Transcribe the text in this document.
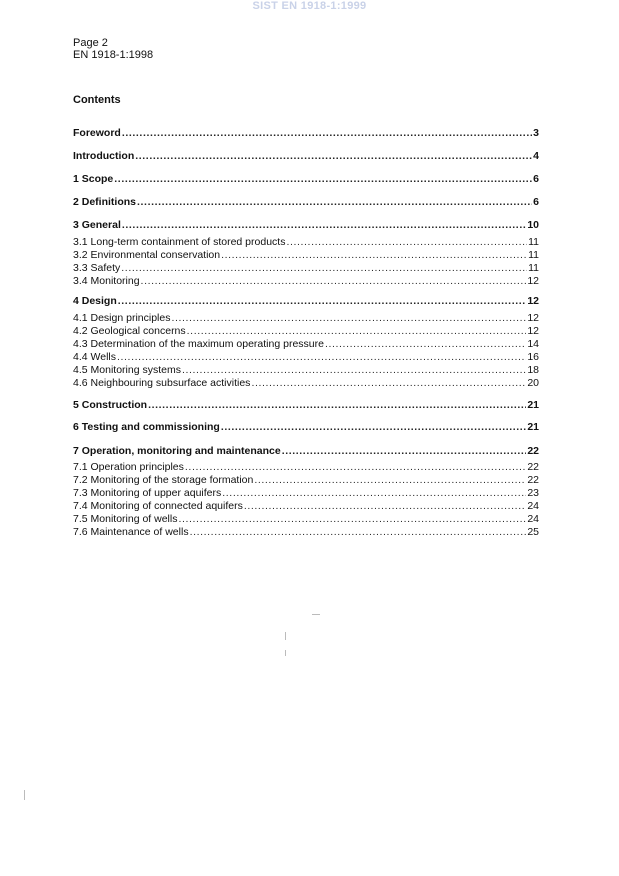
SIST EN 1918-1:1999
Page 2
EN 1918-1:1998
Contents
Foreword .....	3
Introduction .....	4
1 Scope .....	6
2 Definitions .....	6
3 General .....	10
3.1 Long-term containment of stored products .....	11
3.2 Environmental conservation .....	11
3.3 Safety .....	11
3.4 Monitoring .....	12
4 Design .....	12
4.1 Design principles .....	12
4.2 Geological concerns .....	12
4.3 Determination of the maximum operating pressure .....	14
4.4 Wells .....	16
4.5 Monitoring systems .....	18
4.6 Neighbouring subsurface activities .....	20
5 Construction .....	21
6 Testing and commissioning .....	21
7 Operation, monitoring and maintenance .....	22
7.1 Operation principles .....	22
7.2 Monitoring of the storage formation .....	22
7.3 Monitoring of upper aquifers .....	23
7.4 Monitoring of connected aquifers .....	24
7.5 Monitoring of wells .....	24
7.6 Maintenance of wells .....	25
